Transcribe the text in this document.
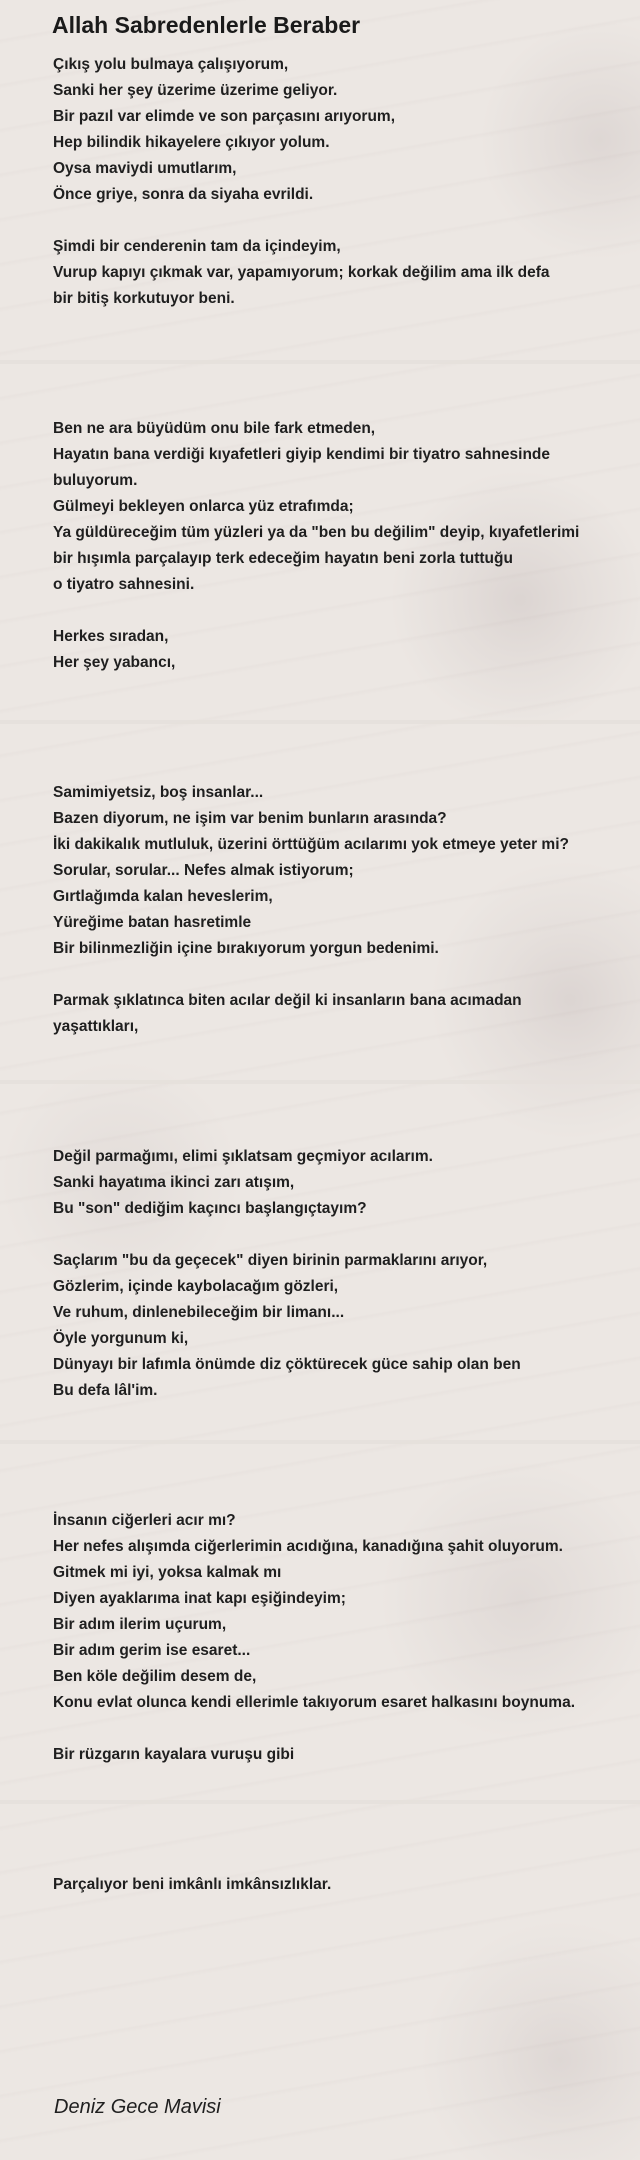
Allah Sabredenlerle Beraber
Çıkış yolu bulmaya çalışıyorum,
Sanki her şey üzerime üzerime geliyor.
Bir pazıl var elimde ve son parçasını arıyorum,
Hep bilindik hikayelere çıkıyor yolum.
Oysa maviydi umutlarım,
Önce griye, sonra da siyaha evrildi.
Şimdi bir cenderenin tam da içindeyim,
Vurup kapıyı çıkmak var, yapamıyorum; korkak değilim ama ilk defa
bir bitiş korkutuyor beni.
Ben ne ara büyüdüm onu bile fark etmeden,
Hayatın bana verdiği kıyafetleri giyip kendimi bir tiyatro sahnesinde
buluyorum.
Gülmeyi bekleyen onlarca yüz etrafımda;
Ya güldüreceğim tüm yüzleri ya da "ben bu değilim" deyip, kıyafetlerimi
bir hışımla parçalayıp terk edeceğim hayatın beni zorla tuttuğu
o tiyatro sahnesini.
Herkes sıradan,
Her şey yabancı,
Samimiyetsiz, boş insanlar...
Bazen diyorum, ne işim var benim bunların arasında?
İki dakikalık mutluluk, üzerini örttüğüm acılarımı yok etmeye yeter mi?
Sorular, sorular... Nefes almak istiyorum;
Gırtlağımda kalan heveslerim,
Yüreğime batan hasretimle
Bir bilinmezliğin içine bırakıyorum yorgun bedenimi.
Parmak şıklatınca biten acılar değil ki insanların bana acımadan
yaşattıkları,
Değil parmağımı, elimi şıklatsam geçmiyor acılarım.
Sanki hayatıma ikinci zarı atışım,
Bu "son" dediğim kaçıncı başlangıçtayım?
Saçlarım "bu da geçecek" diyen birinin parmaklarını arıyor,
Gözlerim, içinde kaybolacağım gözleri,
Ve ruhum, dinlenebileceğim bir limanı...
Öyle yorgunum ki,
Dünyayı bir lafımla önümde diz çöktürecek güce sahip olan ben
Bu defa lâl'im.
İnsanın ciğerleri acır mı?
Her nefes alışımda ciğerlerimin acıdığına, kanadığına şahit oluyorum.
Gitmek mi iyi, yoksa kalmak mı
Diyen ayaklarıma inat kapı eşiğindeyim;
Bir adım ilerim uçurum,
Bir adım gerim ise esaret...
Ben köle değilim desem de,
Konu evlat olunca kendi ellerimle takıyorum esaret halkasını boynuma.
Bir rüzgarın kayalara vuruşu gibi
Parçalıyor beni imkânlı imkânsızlıklar.
Deniz Gece Mavisi
